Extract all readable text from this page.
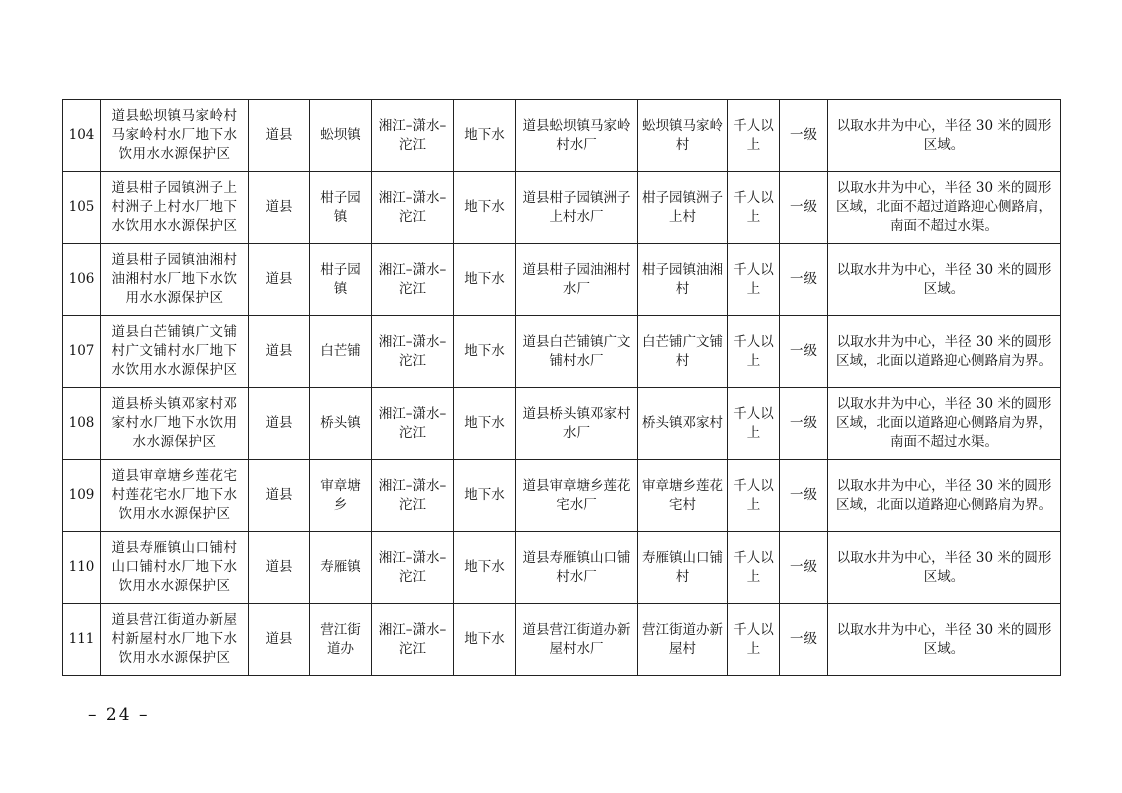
104	道县蚣坝镇马家岭村马家岭村水厂地下水饮用水水源保护区	道县	蚣坝镇	湘江–潇水–沱江	地下水	道县蚣坝镇马家岭村水厂	蚣坝镇马家岭村	千人以上	一级	以取水井为中心，半径 30 米的圆形区域。
105	道县柑子园镇洲子上村洲子上村水厂地下水饮用水水源保护区	道县	柑子园镇	湘江–潇水–沱江	地下水	道县柑子园镇洲子上村水厂	柑子园镇洲子上村	千人以上	一级	以取水井为中心，半径 30 米的圆形区域，北面不超过道路迎心侧路肩，南面不超过水渠。
106	道县柑子园镇油湘村油湘村水厂地下水饮用水水源保护区	道县	柑子园镇	湘江–潇水–沱江	地下水	道县柑子园油湘村水厂	柑子园镇油湘村	千人以上	一级	以取水井为中心，半径 30 米的圆形区域。
107	道县白芒铺镇广文铺村广文铺村水厂地下水饮用水水源保护区	道县	白芒铺	湘江–潇水–沱江	地下水	道县白芒铺镇广文铺村水厂	白芒铺广文铺村	千人以上	一级	以取水井为中心，半径 30 米的圆形区域，北面以道路迎心侧路肩为界。
108	道县桥头镇邓家村邓家村水厂地下水饮用水水源保护区	道县	桥头镇	湘江–潇水–沱江	地下水	道县桥头镇邓家村水厂	桥头镇邓家村	千人以上	一级	以取水井为中心，半径 30 米的圆形区域，北面以道路迎心侧路肩为界，南面不超过水渠。
109	道县审章塘乡莲花宅村莲花宅水厂地下水饮用水水源保护区	道县	审章塘乡	湘江–潇水–沱江	地下水	道县审章塘乡莲花宅水厂	审章塘乡莲花宅村	千人以上	一级	以取水井为中心，半径 30 米的圆形区域，北面以道路迎心侧路肩为界。
110	道县寿雁镇山口铺村山口铺村水厂地下水饮用水水源保护区	道县	寿雁镇	湘江–潇水–沱江	地下水	道县寿雁镇山口铺村水厂	寿雁镇山口铺村	千人以上	一级	以取水井为中心，半径 30 米的圆形区域。
111	道县营江街道办新屋村新屋村水厂地下水饮用水水源保护区	道县	营江街道办	湘江–潇水–沱江	地下水	道县营江街道办新屋村水厂	营江街道办新屋村	千人以上	一级	以取水井为中心，半径 30 米的圆形区域。
– 24 –
